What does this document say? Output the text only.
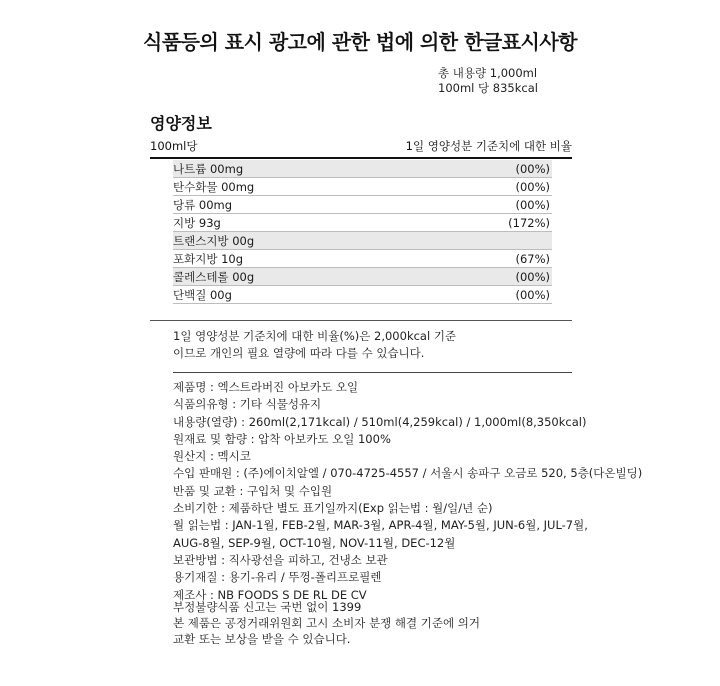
식품등의 표시 광고에 관한 법에 의한 한글표시사항
총 내용량 1,000ml
100ml 당 835kcal
영양정보
100ml당	1일 영양성분 기준치에 대한 비율
나트륨 00mg	(00%)
탄수화물 00mg	(00%)
당류 00mg	(00%)
지방 93g	(172%)
트랜스지방 00g
포화지방 10g	(67%)
콜레스테롤 00g	(00%)
단백질 00g	(00%)
1일 영양성분 기준치에 대한 비율(%)은 2,000kcal 기준
이므로 개인의 필요 열량에 따라 다를 수 있습니다.
제품명 : 엑스트라버진 아보카도 오일
식품의유형 : 기타 식물성유지
내용량(열량) : 260ml(2,171kcal) / 510ml(4,259kcal) / 1,000ml(8,350kcal)
원재료 및 함량 : 압착 아보카도 오일 100%
원산지 : 멕시코
수입 판매원 : (주)에이치알엘 / 070-4725-4557 / 서울시 송파구 오금로 520, 5층(다온빌딩)
반품 및 교환 : 구입처 및 수입원
소비기한 : 제품하단 별도 표기일까지(Exp 읽는법 : 월/일/년 순)
월 읽는법 : JAN-1월, FEB-2월, MAR-3월, APR-4월, MAY-5월, JUN-6월, JUL-7월,
AUG-8월, SEP-9월, OCT-10월, NOV-11월, DEC-12월
보관방법 : 직사광선을 피하고, 건냉소 보관
용기재질 : 용기-유리 / 뚜껑-폴리프로필렌
제조사 : NB FOODS S DE RL DE CV
부정불량식품 신고는 국번 없이 1399
본 제품은 공정거래위원회 고시 소비자 분쟁 해결 기준에 의거
교환 또는 보상을 받을 수 있습니다.
